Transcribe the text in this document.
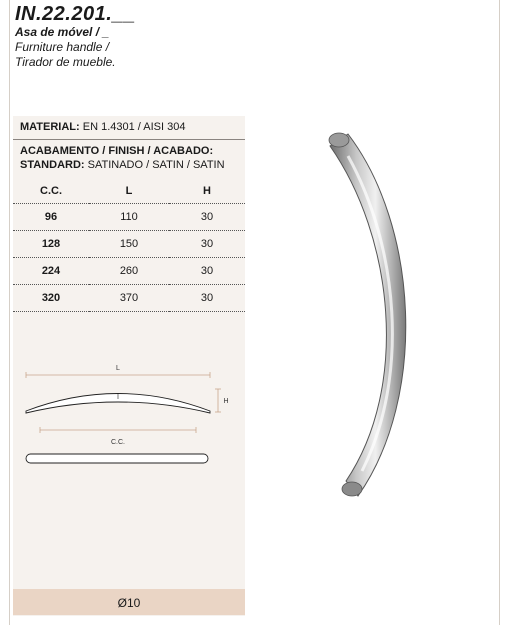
IN.22.201.__
Asa de móvel / _
Furniture handle /
Tirador de mueble.
MATERIAL: EN 1.4301 / AISI 304
ACABAMENTO / FINISH / ACABADO:
STANDARD: SATINADO / SATIN / SATIN
C.C.	L	H
96	110	30
128	150	30
224	260	30
320	370	30
L
H
C.C.
Ø10
